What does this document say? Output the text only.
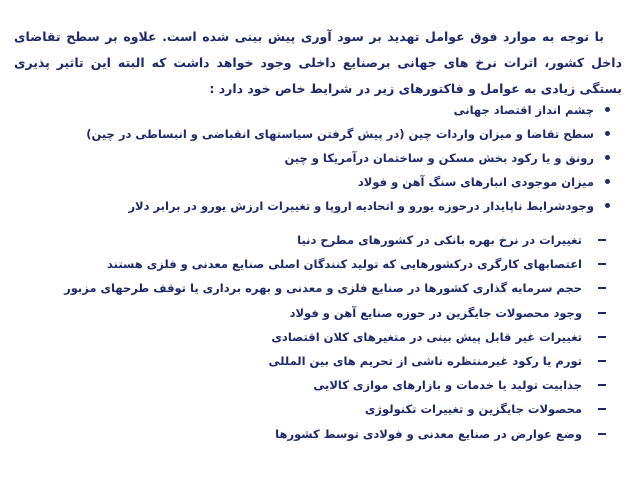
با توجه به موارد فوق عوامل تهدید بر سود آوری پیش بینی شده است. علاوه بر سطح تقاضای داخل کشور، اثرات نرخ های جهانی برصنایع داخلی وجود خواهد داشت که البته این تاثیر پذیری بستگی زیادی به عوامل و فاکتورهای زیر در شرایط خاص خود دارد :
چشم انداز اقتصاد جهانی
سطح تقاضا و میزان واردات چین (در پیش گرفتن سیاستهای انقباضی و انبساطی در چین)
رونق و یا رکود بخش مسکن و ساختمان درآمریکا و چین
میزان موجودی انبارهای سنگ آهن و فولاد
وجودشرایط ناپایدار درحوزه یورو و اتحادیه اروپا و تغییرات ارزش یورو در برابر دلار
تغییرات در نرخ بهره بانکی در کشورهای مطرح دنیا
اعتصابهای کارگری درکشورهایی که تولید کنندگان اصلی صنایع معدنی و فلزی هستند
حجم سرمایه گذاری کشورها در صنایع فلزی و معدنی و بهره برداری یا توقف طرحهای مزبور
وجود محصولات جایگزین در حوزه صنایع آهن و فولاد
تغییرات غیر قابل پیش بینی در متغیرهای کلان اقتصادی
تورم یا رکود غیرمنتظره ناشی از تحریم های بین المللی
جذابیت تولید یا خدمات و بازارهای موازی کالایی
محصولات جایگزین و تغییرات تکنولوژی
وضع عوارض در صنایع معدنی و فولادی توسط کشورها
